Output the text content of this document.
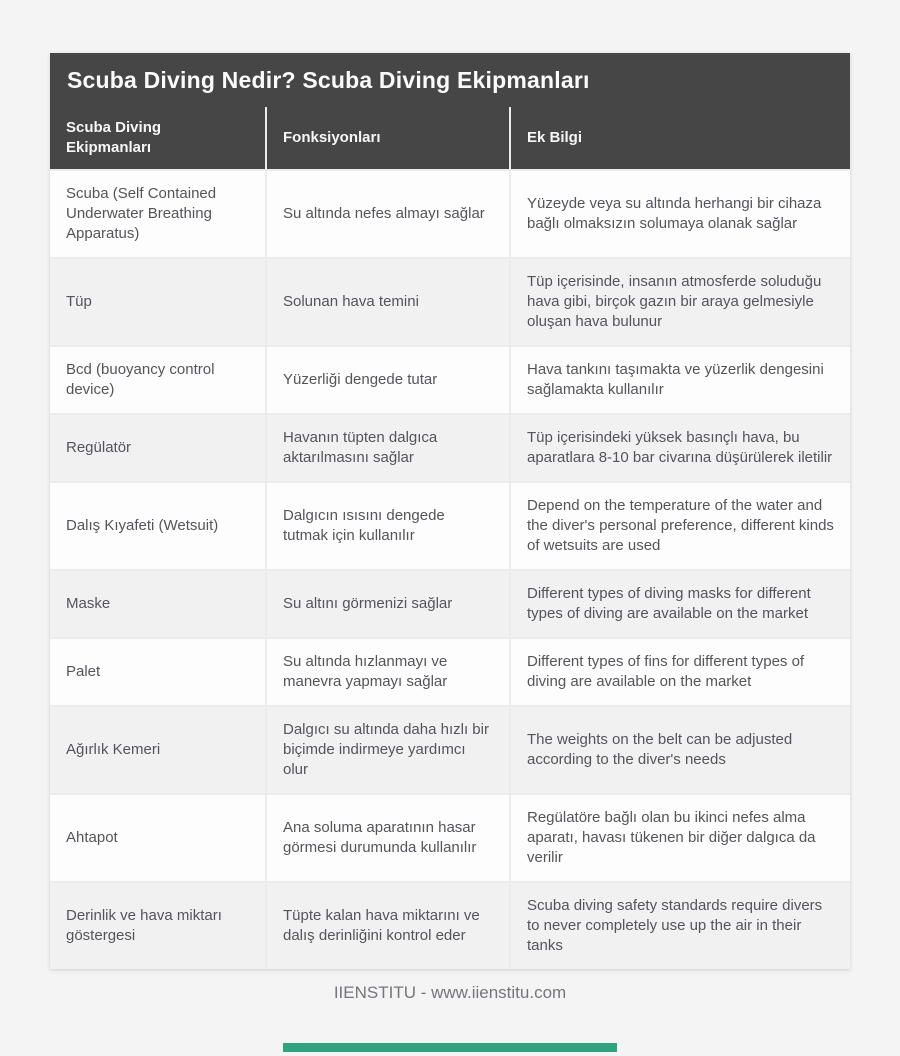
Scuba Diving Nedir? Scuba Diving Ekipmanları
Scuba Diving Ekipmanları	Fonksiyonları	Ek Bilgi
Scuba (Self Contained Underwater Breathing Apparatus)	Su altında nefes almayı sağlar	Yüzeyde veya su altında herhangi bir cihaza bağlı olmaksızın solumaya olanak sağlar
Tüp	Solunan hava temini	Tüp içerisinde, insanın atmosferde soluduğu hava gibi, birçok gazın bir araya gelmesiyle oluşan hava bulunur
Bcd (buoyancy control device)	Yüzerliği dengede tutar	Hava tankını taşımakta ve yüzerlik dengesini sağlamakta kullanılır
Regülatör	Havanın tüpten dalgıca aktarılmasını sağlar	Tüp içerisindeki yüksek basınçlı hava, bu aparatlara 8-10 bar civarına düşürülerek iletilir
Dalış Kıyafeti (Wetsuit)	Dalgıcın ısısını dengede tutmak için kullanılır	Depend on the temperature of the water and the diver's personal preference, different kinds of wetsuits are used
Maske	Su altını görmenizi sağlar	Different types of diving masks for different types of diving are available on the market
Palet	Su altında hızlanmayı ve manevra yapmayı sağlar	Different types of fins for different types of diving are available on the market
Ağırlık Kemeri	Dalgıcı su altında daha hızlı bir biçimde indirmeye yardımcı olur	The weights on the belt can be adjusted according to the diver's needs
Ahtapot	Ana soluma aparatının hasar görmesi durumunda kullanılır	Regülatöre bağlı olan bu ikinci nefes alma aparatı, havası tükenen bir diğer dalgıca da verilir
Derinlik ve hava miktarı göstergesi	Tüpte kalan hava miktarını ve dalış derinliğini kontrol eder	Scuba diving safety standards require divers to never completely use up the air in their tanks
IIENSTITU - www.iienstitu.com
